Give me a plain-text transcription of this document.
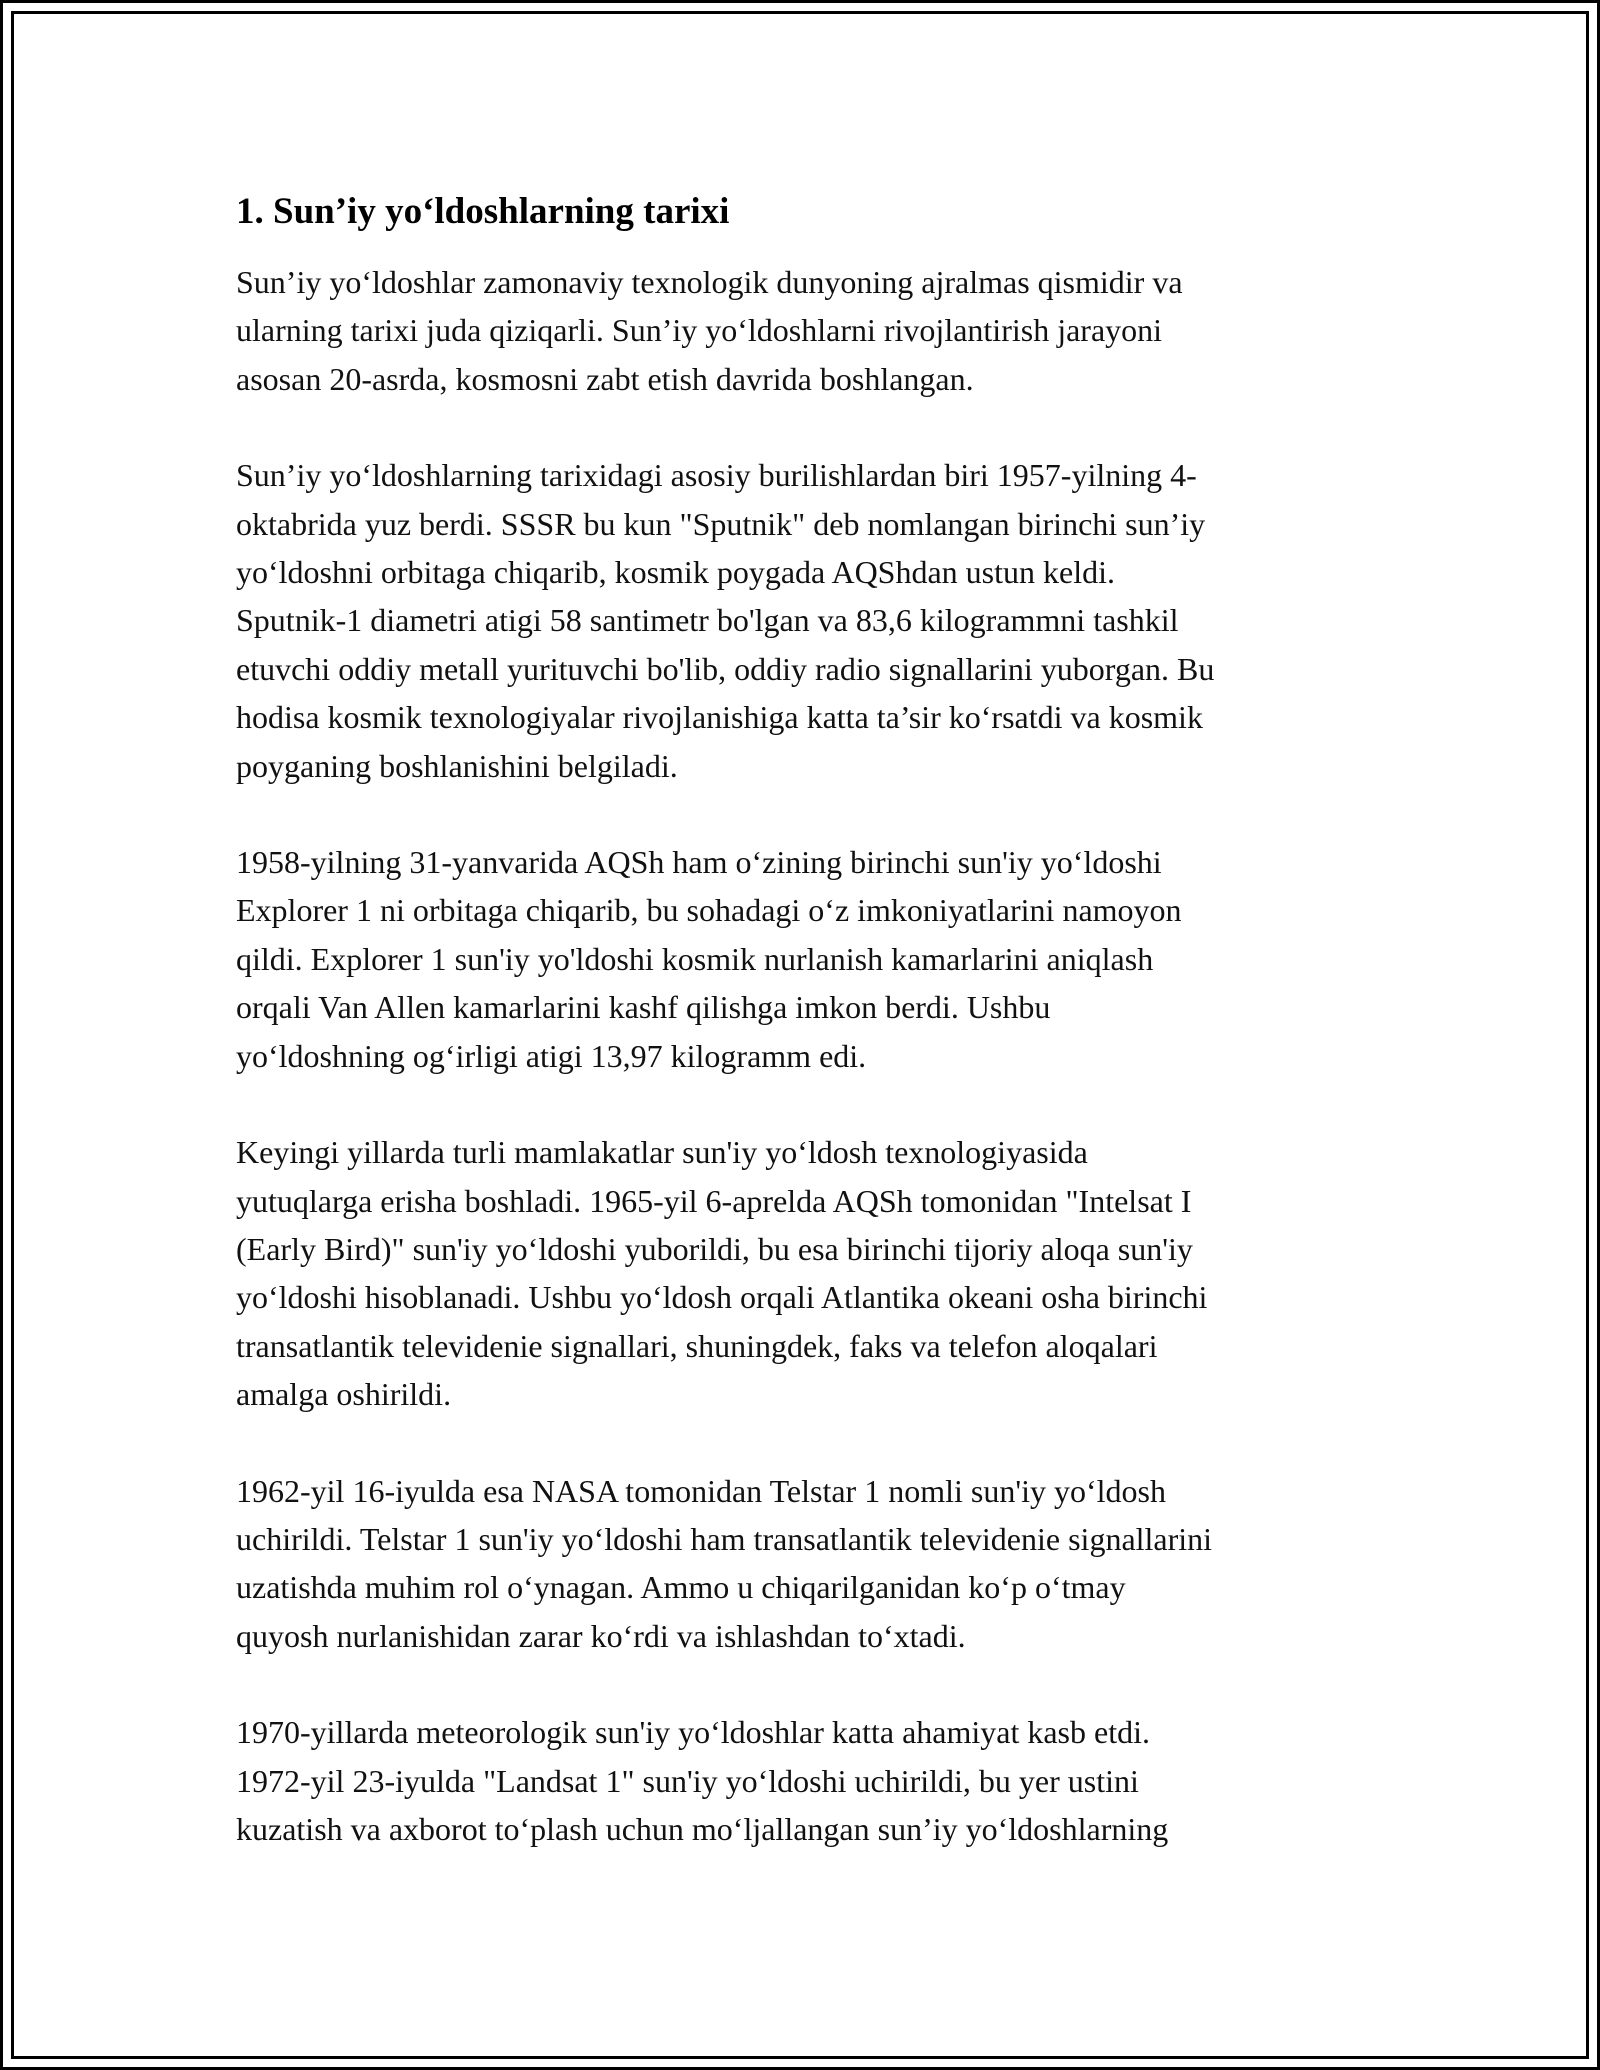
1. Sun’iy yo‘ldoshlarning tarixi

Sun’iy yo‘ldoshlar zamonaviy texnologik dunyoning ajralmas qismidir va
ularning tarixi juda qiziqarli. Sun’iy yo‘ldoshlarni rivojlantirish jarayoni
asosan 20-asrda, kosmosni zabt etish davrida boshlangan.

Sun’iy yo‘ldoshlarning tarixidagi asosiy burilishlardan biri 1957-yilning 4-
oktabrida yuz berdi. SSSR bu kun "Sputnik" deb nomlangan birinchi sun’iy
yo‘ldoshni orbitaga chiqarib, kosmik poygada AQShdan ustun keldi.
Sputnik-1 diametri atigi 58 santimetr bo'lgan va 83,6 kilogrammni tashkil
etuvchi oddiy metall yurituvchi bo'lib, oddiy radio signallarini yuborgan. Bu
hodisa kosmik texnologiyalar rivojlanishiga katta ta’sir ko‘rsatdi va kosmik
poyganing boshlanishini belgiladi.

1958-yilning 31-yanvarida AQSh ham o‘zining birinchi sun'iy yo‘ldoshi
Explorer 1 ni orbitaga chiqarib, bu sohadagi o‘z imkoniyatlarini namoyon
qildi. Explorer 1 sun'iy yo'ldoshi kosmik nurlanish kamarlarini aniqlash
orqali Van Allen kamarlarini kashf qilishga imkon berdi. Ushbu
yo‘ldoshning og‘irligi atigi 13,97 kilogramm edi.

Keyingi yillarda turli mamlakatlar sun'iy yo‘ldosh texnologiyasida
yutuqlarga erisha boshladi. 1965-yil 6-aprelda AQSh tomonidan "Intelsat I
(Early Bird)" sun'iy yo‘ldoshi yuborildi, bu esa birinchi tijoriy aloqa sun'iy
yo‘ldoshi hisoblanadi. Ushbu yo‘ldosh orqali Atlantika okeani osha birinchi
transatlantik televidenie signallari, shuningdek, faks va telefon aloqalari
amalga oshirildi.

1962-yil 16-iyulda esa NASA tomonidan Telstar 1 nomli sun'iy yo‘ldosh
uchirildi. Telstar 1 sun'iy yo‘ldoshi ham transatlantik televidenie signallarini
uzatishda muhim rol o‘ynagan. Ammo u chiqarilganidan ko‘p o‘tmay
quyosh nurlanishidan zarar ko‘rdi va ishlashdan to‘xtadi.

1970-yillarda meteorologik sun'iy yo‘ldoshlar katta ahamiyat kasb etdi.
1972-yil 23-iyulda "Landsat 1" sun'iy yo‘ldoshi uchirildi, bu yer ustini
kuzatish va axborot to‘plash uchun mo‘ljallangan sun’iy yo‘ldoshlarning
